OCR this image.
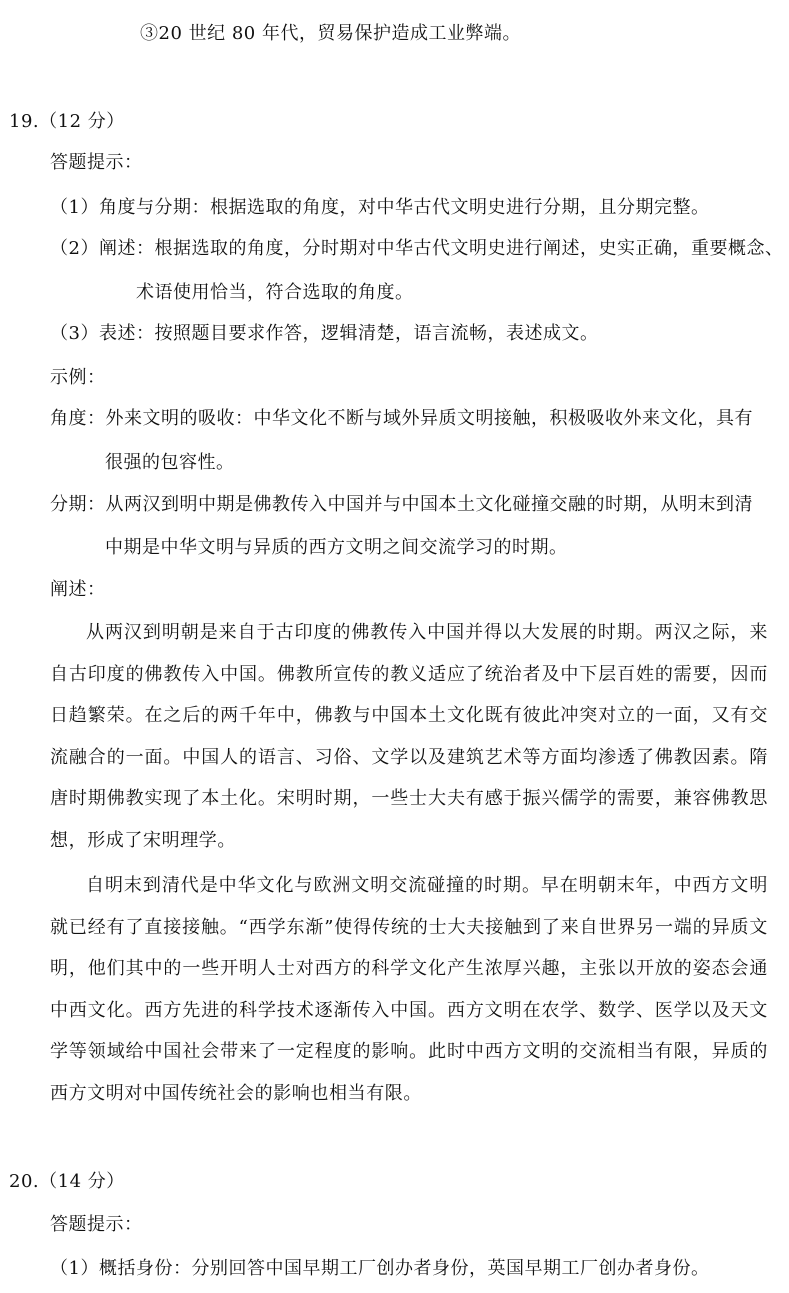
③20 世纪 80 年代，贸易保护造成工业弊端。
19.（12 分）
答题提示：
（1）角度与分期：根据选取的角度，对中华古代文明史进行分期，且分期完整。
（2）阐述：根据选取的角度，分时期对中华古代文明史进行阐述，史实正确，重要概念、
术语使用恰当，符合选取的角度。
（3）表述：按照题目要求作答，逻辑清楚，语言流畅，表述成文。
示例：
角度：外来文明的吸收：中华文化不断与域外异质文明接触，积极吸收外来文化，具有
很强的包容性。
分期：从两汉到明中期是佛教传入中国并与中国本土文化碰撞交融的时期，从明末到清
中期是中华文明与异质的西方文明之间交流学习的时期。
阐述：

从两汉到明朝是来自于古印度的佛教传入中国并得以大发展的时期。两汉之际，来自古印度的佛教传入中国。佛教所宣传的教义适应了统治者及中下层百姓的需要，因而日趋繁荣。在之后的两千年中，佛教与中国本土文化既有彼此冲突对立的一面，又有交流融合的一面。中国人的语言、习俗、文学以及建筑艺术等方面均渗透了佛教因素。隋唐时期佛教实现了本土化。宋明时期，一些士大夫有感于振兴儒学的需要，兼容佛教思想，形成了宋明理学。

自明末到清代是中华文化与欧洲文明交流碰撞的时期。早在明朝末年，中西方文明就已经有了直接接触。“西学东渐”使得传统的士大夫接触到了来自世界另一端的异质文明，他们其中的一些开明人士对西方的科学文化产生浓厚兴趣，主张以开放的姿态会通中西文化。西方先进的科学技术逐渐传入中国。西方文明在农学、数学、医学以及天文学等领域给中国社会带来了一定程度的影响。此时中西方文明的交流相当有限，异质的西方文明对中国传统社会的影响也相当有限。

20.（14 分）
答题提示：
（1）概括身份：分别回答中国早期工厂创办者身份，英国早期工厂创办者身份。
